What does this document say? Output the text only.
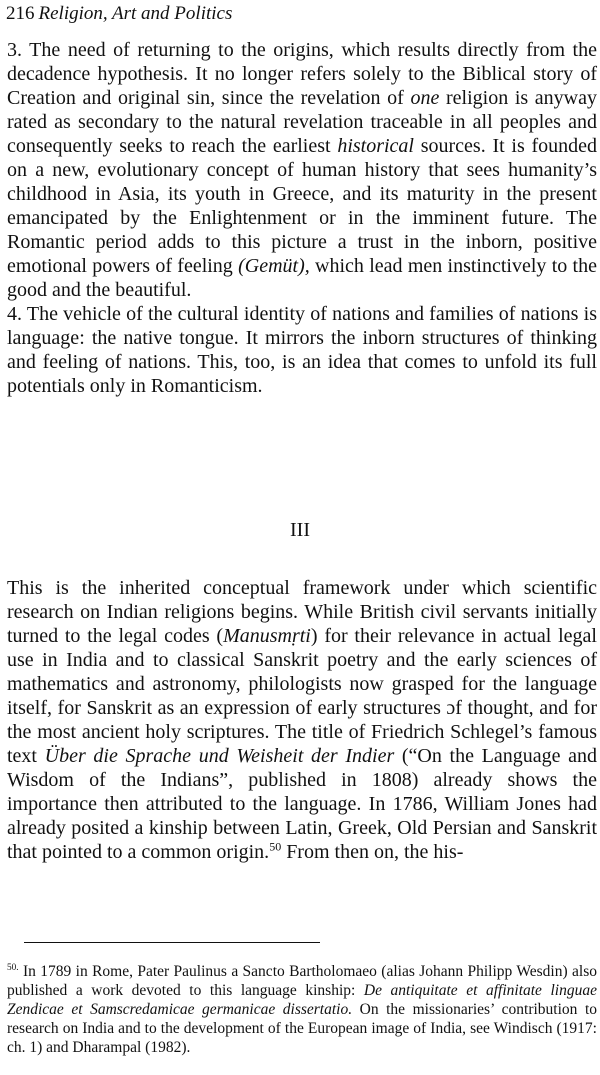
216 Religion, Art and Politics

3. The need of returning to the origins, which results directly from the decadence hypothesis. It no longer refers solely to the Biblical story of Creation and original sin, since the revelation of one religion is anyway rated as secondary to the natural revelation traceable in all peoples and consequently seeks to reach the earliest historical sources. It is founded on a new, evolutionary concept of human history that sees humanity’s childhood in Asia, its youth in Greece, and its maturity in the present emancipated by the Enlightenment or in the imminent future. The Romantic period adds to this picture a trust in the inborn, positive emotional powers of feeling (Gemüt), which lead men instinctively to the good and the beautiful.

4. The vehicle of the cultural identity of nations and families of nations is language: the native tongue. It mirrors the inborn structures of thinking and feeling of nations. This, too, is an idea that comes to unfold its full potentials only in Romanticism.

III

This is the inherited conceptual framework under which scientific research on Indian religions begins. While British civil servants initially turned to the legal codes (Manusmṛti) for their relevance in actual legal use in India and to classical Sanskrit poetry and the early sciences of mathematics and astronomy, philologists now grasped for the language itself, for Sanskrit as an expression of early structures ɔf thought, and for the most ancient holy scriptures. The title of Friedrich Schlegel’s famous text Über die Sprache und Weisheit der Indier (“On the Language and Wisdom of the Indians”, published in 1808) already shows the importance then attributed to the language. In 1786, William Jones had already posited a kinship between Latin, Greek, Old Persian and Sanskrit that pointed to a common origin.$^{50}$ From then on, the his-

$^{50.}$ In 1789 in Rome, Pater Paulinus a Sancto Bartholomaeo (alias Johann Philipp Wesdin) also published a work devoted to this language kinship: De antiquitate et affinitate linguae Zendicae et Samscredamicae germanicae dissertatio. On the missionaries’ contribution to research on India and to the development of the European image of India, see Windisch (1917: ch. 1) and Dharampal (1982).
